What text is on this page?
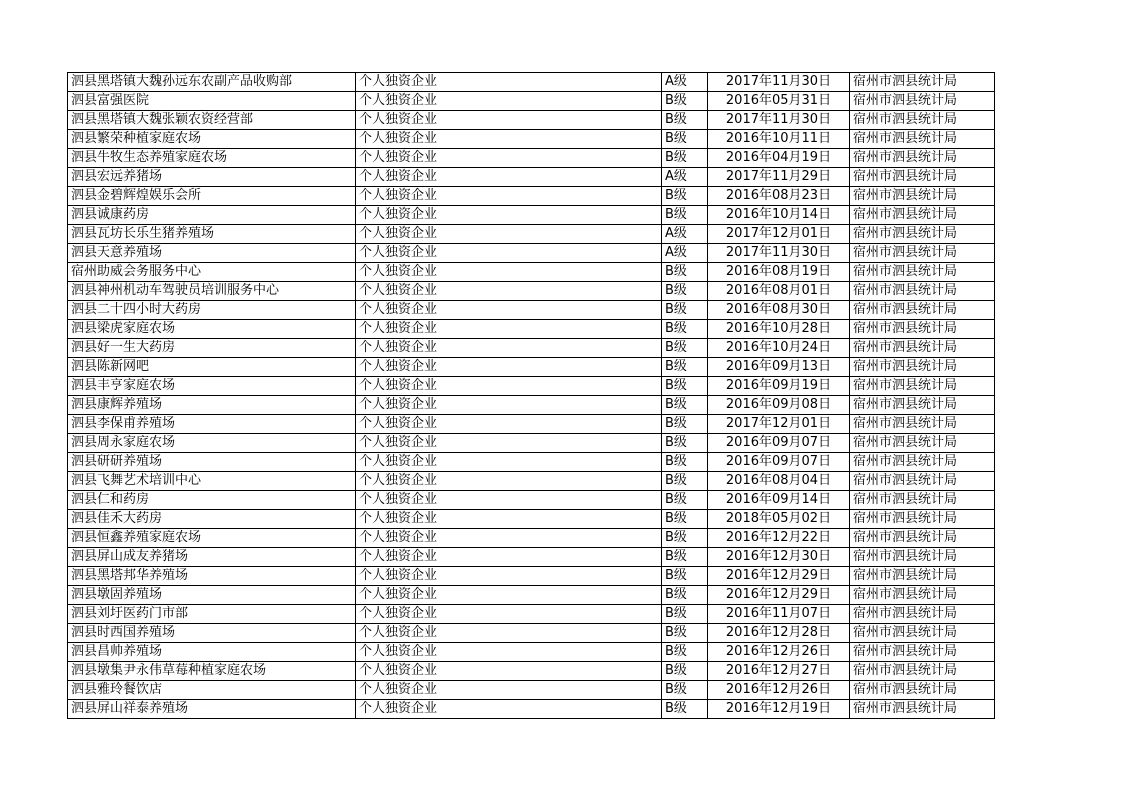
泗县黑塔镇大魏孙远东农副产品收购部	个人独资企业	A级	2017年11月30日	宿州市泗县统计局
泗县富强医院	个人独资企业	B级	2016年05月31日	宿州市泗县统计局
泗县黑塔镇大魏张颖农资经营部	个人独资企业	B级	2017年11月30日	宿州市泗县统计局
泗县繁荣种植家庭农场	个人独资企业	B级	2016年10月11日	宿州市泗县统计局
泗县牛牧生态养殖家庭农场	个人独资企业	B级	2016年04月19日	宿州市泗县统计局
泗县宏远养猪场	个人独资企业	A级	2017年11月29日	宿州市泗县统计局
泗县金碧辉煌娱乐会所	个人独资企业	B级	2016年08月23日	宿州市泗县统计局
泗县诚康药房	个人独资企业	B级	2016年10月14日	宿州市泗县统计局
泗县瓦坊长乐生猪养殖场	个人独资企业	A级	2017年12月01日	宿州市泗县统计局
泗县天意养殖场	个人独资企业	A级	2017年11月30日	宿州市泗县统计局
宿州助威会务服务中心	个人独资企业	B级	2016年08月19日	宿州市泗县统计局
泗县神州机动车驾驶员培训服务中心	个人独资企业	B级	2016年08月01日	宿州市泗县统计局
泗县二十四小时大药房	个人独资企业	B级	2016年08月30日	宿州市泗县统计局
泗县梁虎家庭农场	个人独资企业	B级	2016年10月28日	宿州市泗县统计局
泗县好一生大药房	个人独资企业	B级	2016年10月24日	宿州市泗县统计局
泗县陈新网吧	个人独资企业	B级	2016年09月13日	宿州市泗县统计局
泗县丰亨家庭农场	个人独资企业	B级	2016年09月19日	宿州市泗县统计局
泗县康辉养殖场	个人独资企业	B级	2016年09月08日	宿州市泗县统计局
泗县李保甫养殖场	个人独资企业	B级	2017年12月01日	宿州市泗县统计局
泗县周永家庭农场	个人独资企业	B级	2016年09月07日	宿州市泗县统计局
泗县研研养殖场	个人独资企业	B级	2016年09月07日	宿州市泗县统计局
泗县飞舞艺术培训中心	个人独资企业	B级	2016年08月04日	宿州市泗县统计局
泗县仁和药房	个人独资企业	B级	2016年09月14日	宿州市泗县统计局
泗县佳禾大药房	个人独资企业	B级	2018年05月02日	宿州市泗县统计局
泗县恒鑫养殖家庭农场	个人独资企业	B级	2016年12月22日	宿州市泗县统计局
泗县屏山成友养猪场	个人独资企业	B级	2016年12月30日	宿州市泗县统计局
泗县黑塔邦华养殖场	个人独资企业	B级	2016年12月29日	宿州市泗县统计局
泗县墩固养殖场	个人独资企业	B级	2016年12月29日	宿州市泗县统计局
泗县刘圩医药门市部	个人独资企业	B级	2016年11月07日	宿州市泗县统计局
泗县时西国养殖场	个人独资企业	B级	2016年12月28日	宿州市泗县统计局
泗县昌帅养殖场	个人独资企业	B级	2016年12月26日	宿州市泗县统计局
泗县墩集尹永伟草莓种植家庭农场	个人独资企业	B级	2016年12月27日	宿州市泗县统计局
泗县雅玲餐饮店	个人独资企业	B级	2016年12月26日	宿州市泗县统计局
泗县屏山祥泰养殖场	个人独资企业	B级	2016年12月19日	宿州市泗县统计局
